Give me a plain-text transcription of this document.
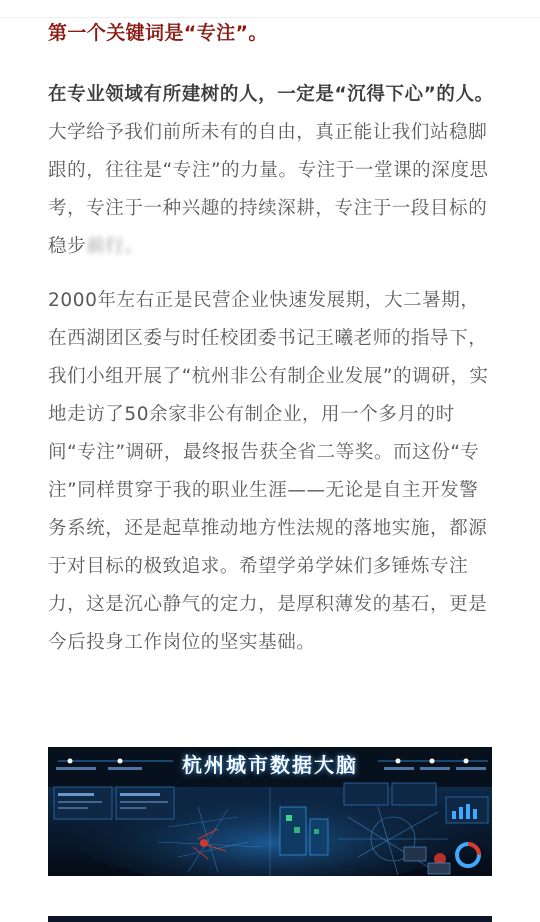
第一个关键词是“专注”。

在专业领域有所建树的人，一定是“沉得下心”的人。大学给予我们前所未有的自由，真正能让我们站稳脚跟的，往往是“专注”的力量。专注于一堂课的深度思考，专注于一种兴趣的持续深耕，专注于一段目标的稳步前行。

2000年左右正是民营企业快速发展期，大二暑期，在西湖团区委与时任校团委书记王曦老师的指导下，我们小组开展了“杭州非公有制企业发展”的调研，实地走访了50余家非公有制企业，用一个多月的时间“专注”调研，最终报告获全省二等奖。而这份“专注”同样贯穿于我的职业生涯——无论是自主开发警务系统，还是起草推动地方性法规的落地实施，都源于对目标的极致追求。希望学弟学妹们多锤炼专注力，这是沉心静气的定力，是厚积薄发的基石，更是今后投身工作岗位的坚实基础。

杭州城市数据大脑
